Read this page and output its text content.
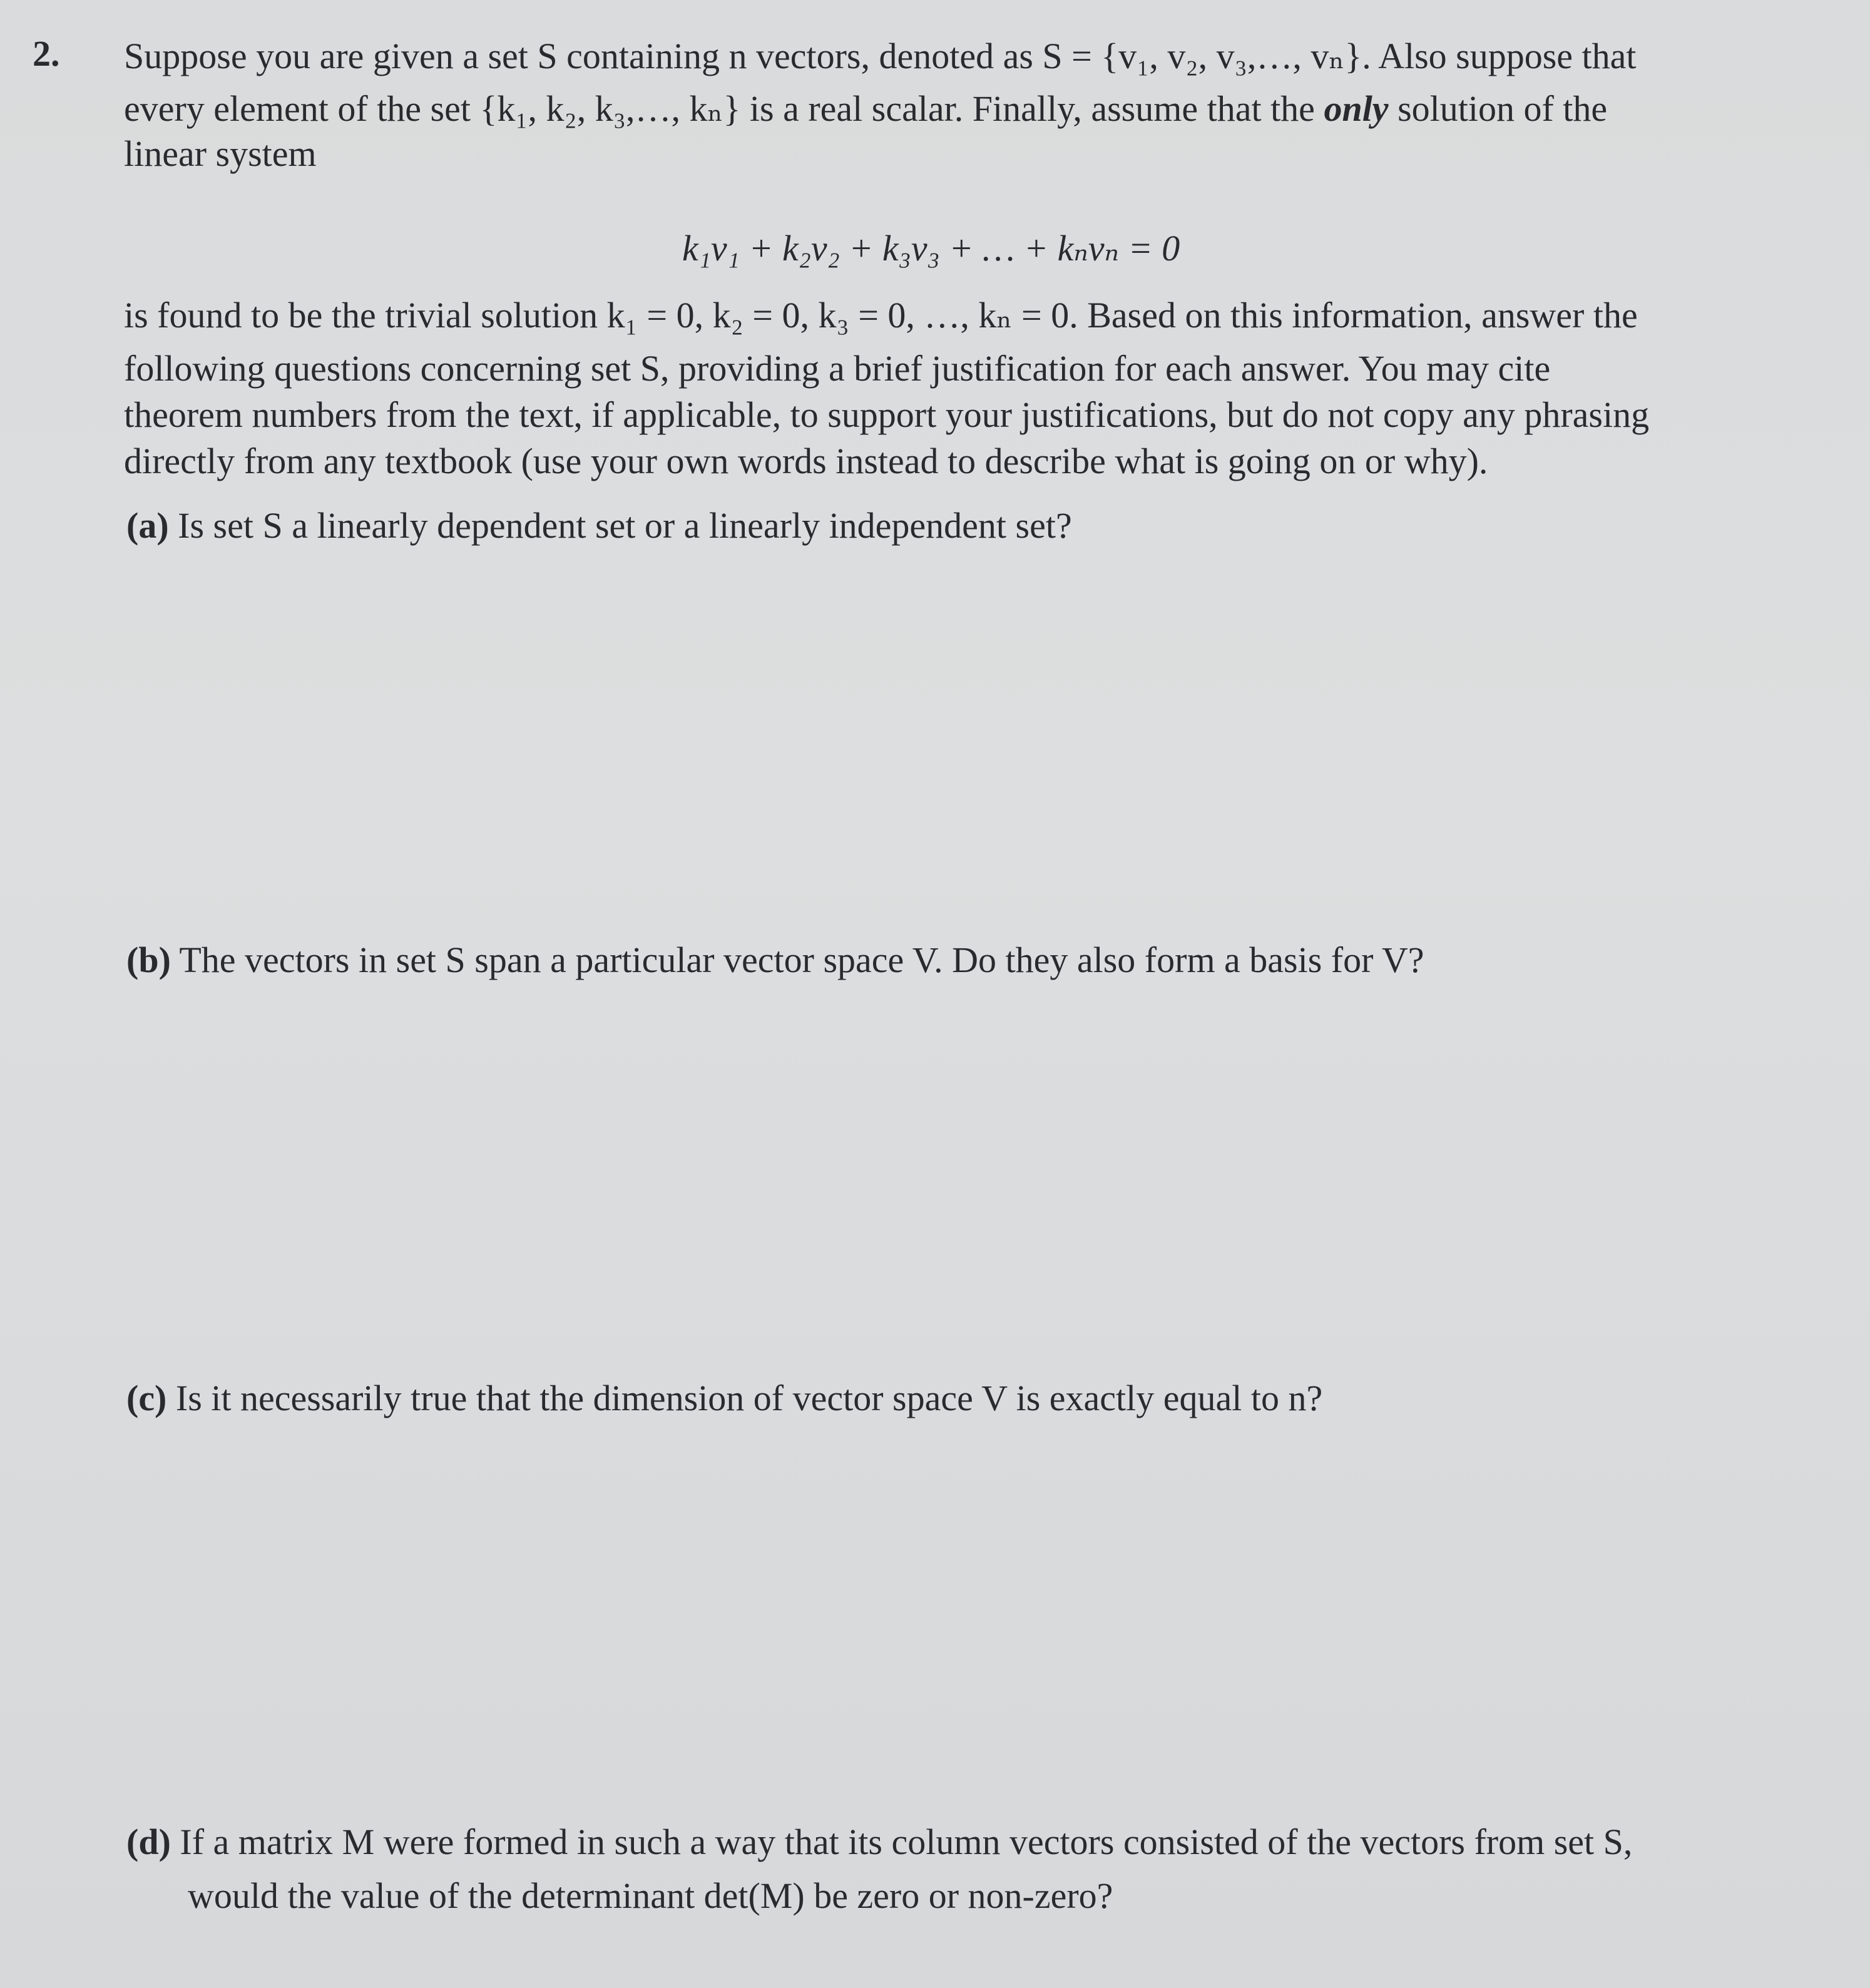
2. Suppose you are given a set S containing n vectors, denoted as S = {v₁, v₂, v₃,…, vₙ}. Also suppose that
every element of the set {k₁, k₂, k₃,…, kₙ} is a real scalar. Finally, assume that the only solution of the
linear system
k₁v₁ + k₂v₂ + k₃v₃ + … + kₙvₙ = 0
is found to be the trivial solution k₁ = 0, k₂ = 0, k₃ = 0, …, kₙ = 0. Based on this information, answer the
following questions concerning set S, providing a brief justification for each answer. You may cite
theorem numbers from the text, if applicable, to support your justifications, but do not copy any phrasing
directly from any textbook (use your own words instead to describe what is going on or why).
(a) Is set S a linearly dependent set or a linearly independent set?
(b) The vectors in set S span a particular vector space V. Do they also form a basis for V?
(c) Is it necessarily true that the dimension of vector space V is exactly equal to n?
(d) If a matrix M were formed in such a way that its column vectors consisted of the vectors from set S,
would the value of the determinant det(M) be zero or non-zero?
